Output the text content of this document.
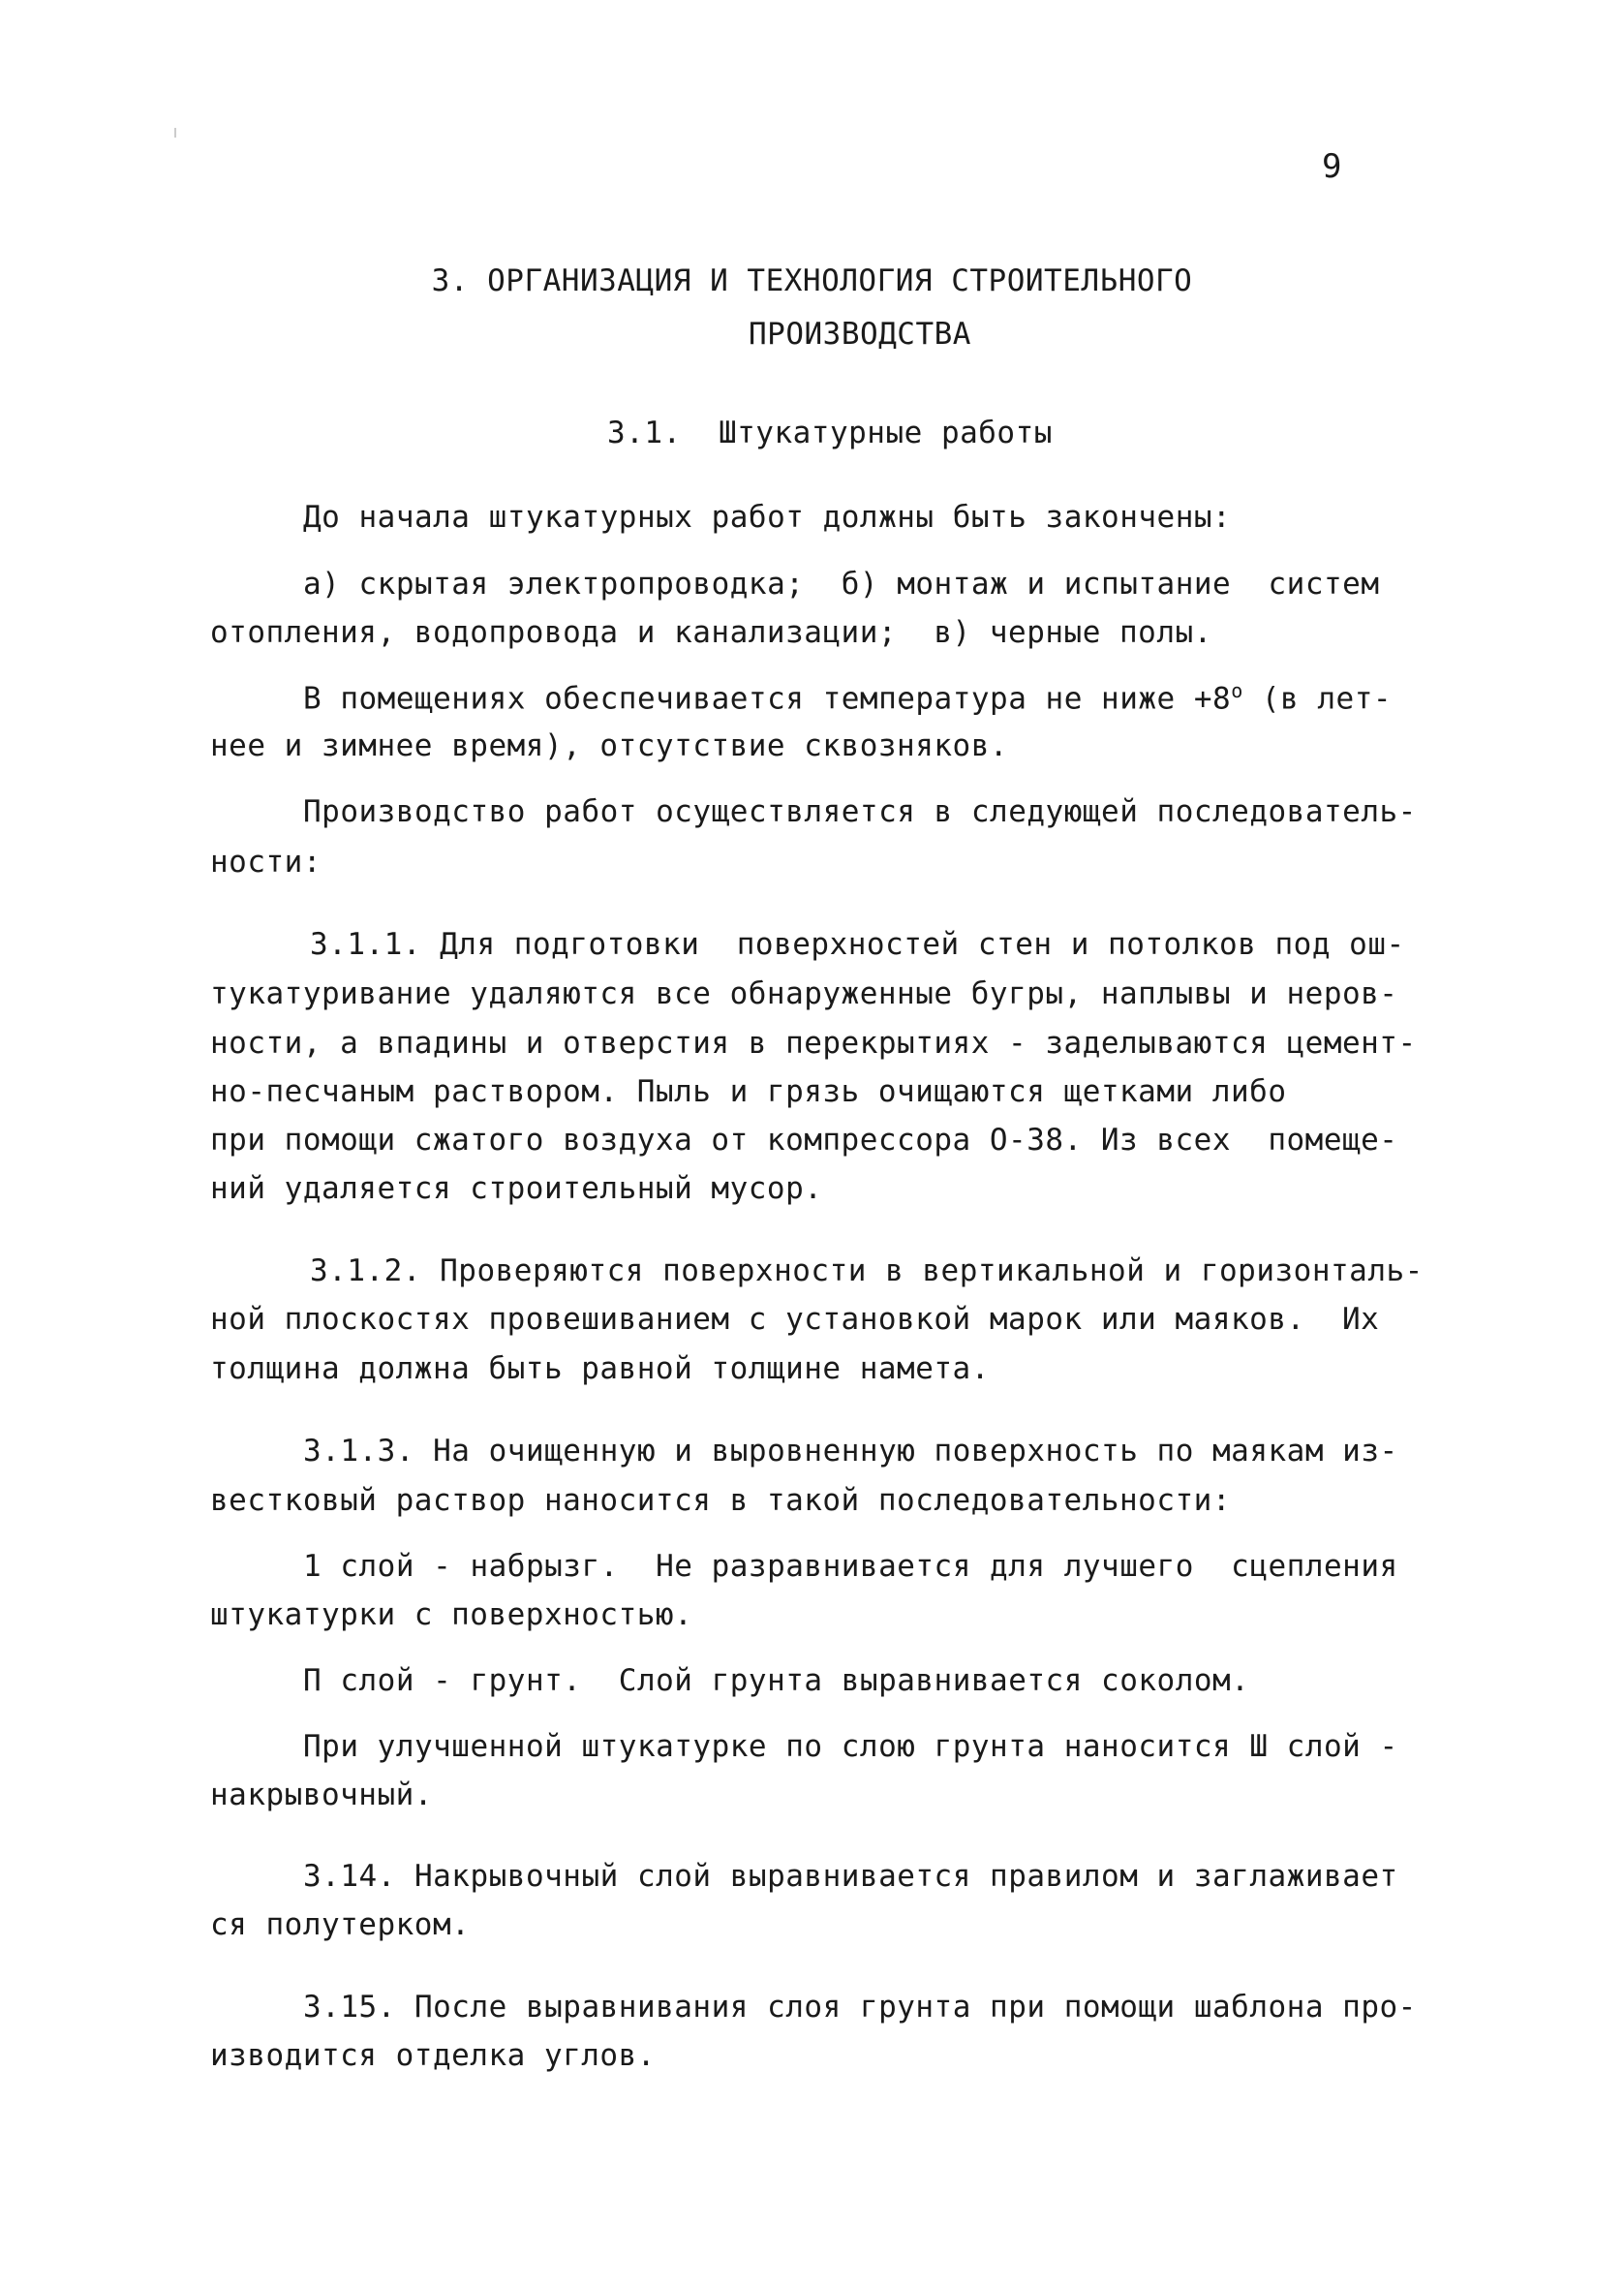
9
3. ОРГАНИЗАЦИЯ И ТЕХНОЛОГИЯ СТРОИТЕЛЬНОГО
ПРОИЗВОДСТВА
3.1.  Штукатурные работы
До начала штукатурных работ должны быть закончены:
а) скрытая электропроводка;  б) монтаж и испытание  систем
отопления, водопровода и канализации;  в) черные полы.
В помещениях обеспечивается температура не ниже $+8^о$ (в лет-
нее и зимнее время), отсутствие сквозняков.
Производство работ осуществляется в следующей последователь-
ности:
3.1.1. Для подготовки  поверхностей стен и потолков под ош-
тукатуривание удаляются все обнаруженные бугры, наплывы и неров-
ности, а впадины и отверстия в перекрытиях - заделываются цемент-
но-песчаным раствором. Пыль и грязь очищаются щетками либо
при помощи сжатого воздуха от компрессора О-38. Из всех  помеще-
ний удаляется строительный мусор.
3.1.2. Проверяются поверхности в вертикальной и горизонталь-
ной плоскостях провешиванием с установкой марок или маяков.  Их
толщина должна быть равной толщине намета.
3.1.3. На очищенную и выровненную поверхность по маякам из-
вестковый раствор наносится в такой последовательности:
1 слой - набрызг.  Не разравнивается для лучшего  сцепления
штукатурки с поверхностью.
П слой - грунт.  Слой грунта выравнивается соколом.
При улучшенной штукатурке по слою грунта наносится Ш слой -
накрывочный.
3.14. Накрывочный слой выравнивается правилом и заглаживает
ся полутерком.
3.15. После выравнивания слоя грунта при помощи шаблона про-
изводится отделка углов.
